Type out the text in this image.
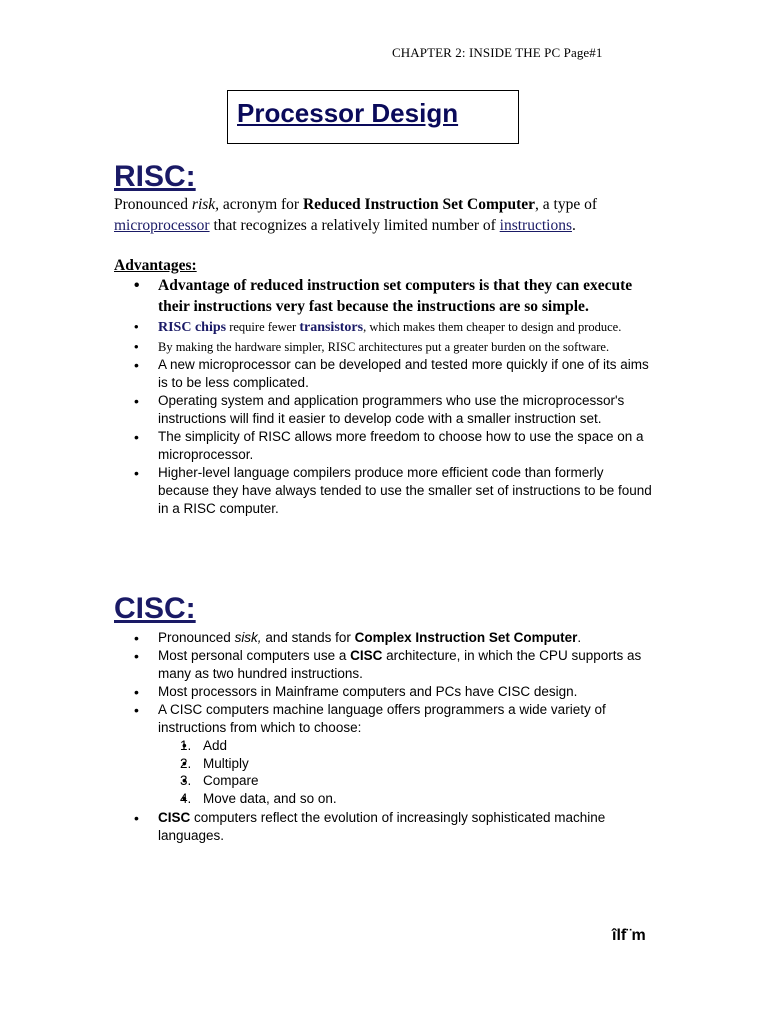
CHAPTER 2: INSIDE THE PC Page#1
Processor Design
RISC:
Pronounced risk, acronym for Reduced Instruction Set Computer, a type of microprocessor that recognizes a relatively limited number of instructions.
Advantages:
• Advantage of reduced instruction set computers is that they can execute their instructions very fast because the instructions are so simple.
• RISC chips require fewer transistors, which makes them cheaper to design and produce.
• By making the hardware simpler, RISC architectures put a greater burden on the software.
• A new microprocessor can be developed and tested more quickly if one of its aims is to be less complicated.
• Operating system and application programmers who use the microprocessor's instructions will find it easier to develop code with a smaller instruction set.
• The simplicity of RISC allows more freedom to choose how to use the space on a microprocessor.
• Higher-level language compilers produce more efficient code than formerly because they have always tended to use the smaller set of instructions to be found in a RISC computer.
CISC:
• Pronounced sisk, and stands for Complex Instruction Set Computer.
• Most personal computers use a CISC architecture, in which the CPU supports as many as two hundred instructions.
• Most processors in Mainframe computers and PCs have CISC design.
• A CISC computers machine language offers programmers a wide variety of instructions from which to choose:
• 1. Add
• 2. Multiply
• 3. Compare
• 4. Move data, and so on.
• CISC computers reflect the evolution of increasingly sophisticated machine languages.
îlf¨m
